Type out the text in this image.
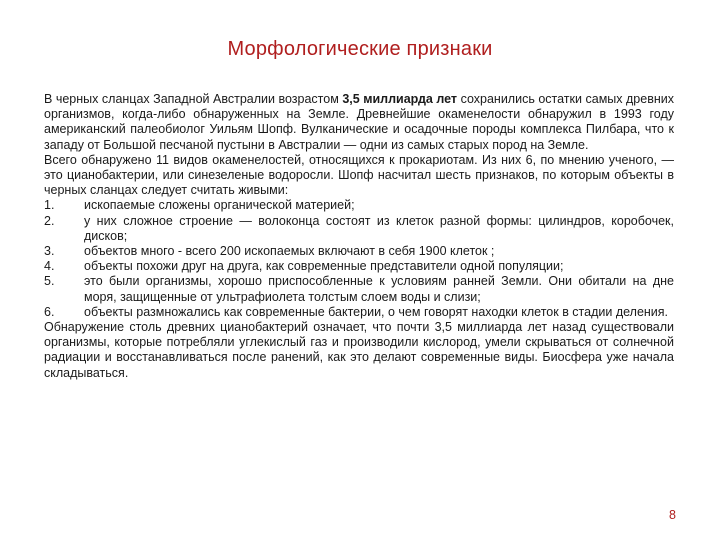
Морфологические признаки

В черных сланцах Западной Австралии возрастом 3,5 миллиарда лет сохранились остатки самых древних организмов, когда-либо обнаруженных на Земле. Древнейшие окаменелости обнаружил в 1993 году американский палеобиолог Уильям Шопф. Вулканические и осадочные породы комплекса Пилбара, что к западу от Большой песчаной пустыни в Австралии — одни из самых старых пород на Земле.

Всего обнаружено 11 видов окаменелостей, относящихся к прокариотам. Из них 6, по мнению ученого, — это цианобактерии, или синезеленые водоросли. Шопф насчитал шесть признаков, по которым объекты в черных сланцах следует считать живыми:

1.	ископаемые сложены органической материей;
2.	у них сложное строение — волоконца состоят из клеток разной формы: цилиндров, коробочек, дисков;
3.	объектов много - всего 200 ископаемых включают в себя 1900 клеток ;
4.	объекты похожи друг на друга, как современные представители одной популяции;
5.	это были организмы, хорошо приспособленные к условиям ранней Земли. Они обитали на дне моря, защищенные от ультрафиолета толстым слоем воды и слизи;
6.	объекты размножались как современные бактерии, о чем говорят находки клеток в стадии деления.

Обнаружение столь древних цианобактерий означает, что почти 3,5 миллиарда лет назад существовали организмы, которые потребляли углекислый газ и производили кислород, умели скрываться от солнечной радиации и восстанавливаться после ранений, как это делают современные виды. Биосфера уже начала складываться.

8
